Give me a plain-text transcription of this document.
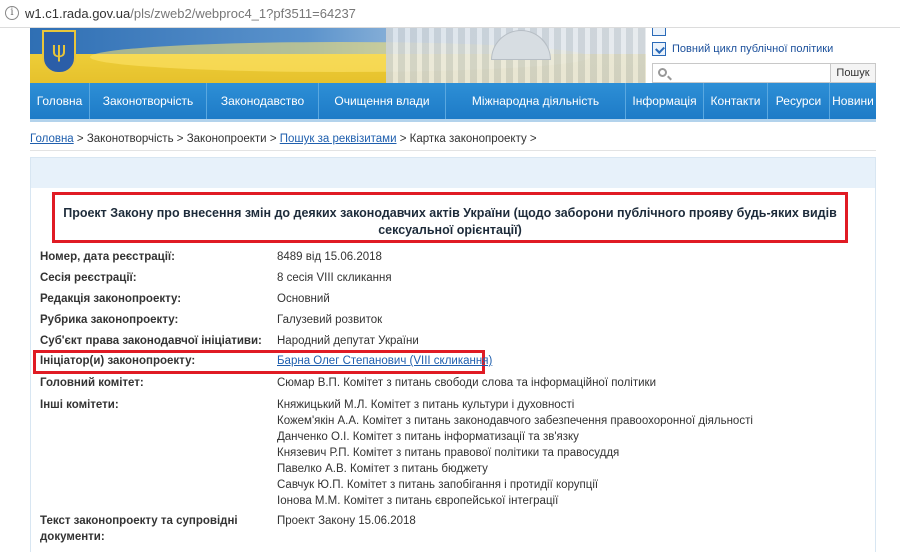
i w1.c1.rada.gov.ua/pls/zweb2/webproc4_1?pf3511=64237
ψ	Повний цикл публічної політики
Пошук
Головна	Законотворчість	Законодавство	Очищення влади	Міжнародна діяльність	Інформація	Контакти	Ресурси Новини
Головна > Законотворчість > Законопроекти > Пошук за реквізитами > Картка законопроекту >
Проект Закону про внесення змін до деяких законодавчих актів України (щодо заборони публічного прояву будь-яких видів
сексуальної орієнтації)
Номер, дата реєстрації:	8489 від 15.06.2018
Сесія реєстрації:	8 сесія VIII скликання
Редакція законопроекту:	Основний
Рубрика законопроекту:	Галузевий розвиток
Суб'єкт права законодавчої ініціативи: Народний депутат України
Ініціатор(и) законопроекту:	Барна Олег Степанович (VIII скликання)
Головний комітет:	Сюмар В.П. Комітет з питань свободи слова та інформаційної політики
Інші комітети:	Княжицький М.Л. Комітет з питань культури і духовності
Кожем'якін А.А. Комітет з питань законодавчого забезпечення правоохоронної діяльності
Данченко О.І. Комітет з питань інформатизації та зв'язку
Князевич Р.П. Комітет з питань правової політики та правосуддя
Павелко А.В. Комітет з питань бюджету
Савчук Ю.П. Комітет з питань запобігання і протидії корупції
Іонова М.М. Комітет з питань європейської інтеграції
Текст законопроекту та супровідні
документи:
Проект Закону 15.06.2018
